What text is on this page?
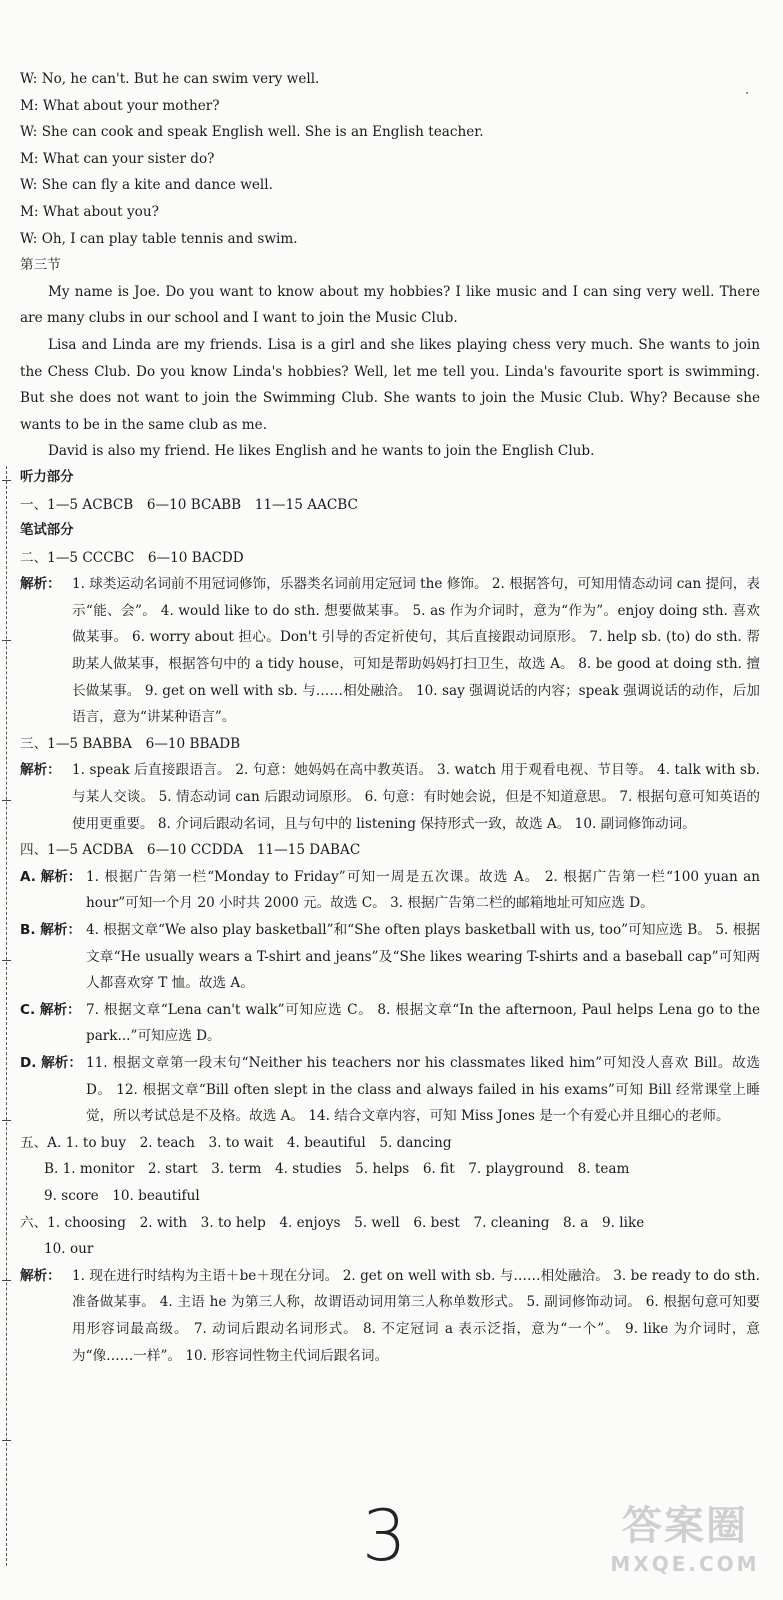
W: No, he can't. But he can swim very well.
M: What about your mother?
W: She can cook and speak English well. She is an English teacher.
M: What can your sister do?
W: She can fly a kite and dance well.
M: What about you?
W: Oh, I can play table tennis and swim.
第三节
My name is Joe. Do you want to know about my hobbies? I like music and I can sing very well. There are many clubs in our school and I want to join the Music Club.
Lisa and Linda are my friends. Lisa is a girl and she likes playing chess very much. She wants to join the Chess Club. Do you know Linda's hobbies? Well, let me tell you. Linda's favourite sport is swimming. But she does not want to join the Swimming Club. She wants to join the Music Club. Why? Because she wants to be in the same club as me.
David is also my friend. He likes English and he wants to join the English Club.
听力部分
一、1—5 ACBCB　6—10 BCABB　11—15 AACBC
笔试部分
二、1—5 CCCBC　6—10 BACDD
解析： 1. 球类运动名词前不用冠词修饰，乐器类名词前用定冠词 the 修饰。 2. 根据答句，可知用情态动词 can 提问，表示“能、会”。 4. would like to do sth. 想要做某事。 5. as 作为介词时，意为“作为”。enjoy doing sth. 喜欢做某事。 6. worry about 担心。Don't 引导的否定祈使句，其后直接跟动词原形。 7. help sb. (to) do sth. 帮助某人做某事，根据答句中的 a tidy house，可知是帮助妈妈打扫卫生，故选 A。 8. be good at doing sth. 擅长做某事。 9. get on well with sb. 与……相处融洽。 10. say 强调说话的内容；speak 强调说话的动作，后加语言，意为“讲某种语言”。
三、1—5 BABBA　6—10 BBADB
解析： 1. speak 后直接跟语言。 2. 句意：她妈妈在高中教英语。 3. watch 用于观看电视、节目等。 4. talk with sb. 与某人交谈。 5. 情态动词 can 后跟动词原形。 6. 句意：有时她会说，但是不知道意思。 7. 根据句意可知英语的使用更重要。 8. 介词后跟动名词，且与句中的 listening 保持形式一致，故选 A。 10. 副词修饰动词。
四、1—5 ACDBA　6—10 CCDDA　11—15 DABAC
A. 解析： 1. 根据广告第一栏“Monday to Friday”可知一周是五次课。故选 A。 2. 根据广告第一栏“100 yuan an hour”可知一个月 20 小时共 2000 元。故选 C。 3. 根据广告第二栏的邮箱地址可知应选 D。
B. 解析： 4. 根据文章“We also play basketball”和“She often plays basketball with us, too”可知应选 B。 5. 根据文章“He usually wears a T-shirt and jeans”及“She likes wearing T-shirts and a baseball cap”可知两人都喜欢穿 T 恤。故选 A。
C. 解析： 7. 根据文章“Lena can't walk”可知应选 C。 8. 根据文章“In the afternoon, Paul helps Lena go to the park...”可知应选 D。
D. 解析： 11. 根据文章第一段末句“Neither his teachers nor his classmates liked him”可知没人喜欢 Bill。故选 D。 12. 根据文章“Bill often slept in the class and always failed in his exams”可知 Bill 经常课堂上睡觉，所以考试总是不及格。故选 A。 14. 结合文章内容，可知 Miss Jones 是一个有爱心并且细心的老师。
五、A. 1. to buy　2. teach　3. to wait　4. beautiful　5. dancing
B. 1. monitor　2. start　3. term　4. studies　5. helps　6. fit　7. playground　8. team
9. score　10. beautiful
六、1. choosing　2. with　3. to help　4. enjoys　5. well　6. best　7. cleaning　8. a　9. like
10. our
解析： 1. 现在进行时结构为主语＋be＋现在分词。 2. get on well with sb. 与……相处融洽。 3. be ready to do sth. 准备做某事。 4. 主语 he 为第三人称，故谓语动词用第三人称单数形式。 5. 副词修饰动词。 6. 根据句意可知要用形容词最高级。 7. 动词后跟动名词形式。 8. 不定冠词 a 表示泛指，意为“一个”。 9. like 为介词时，意为“像……一样”。 10. 形容词性物主代词后跟名词。
3	答案圈
MXQE.COM
